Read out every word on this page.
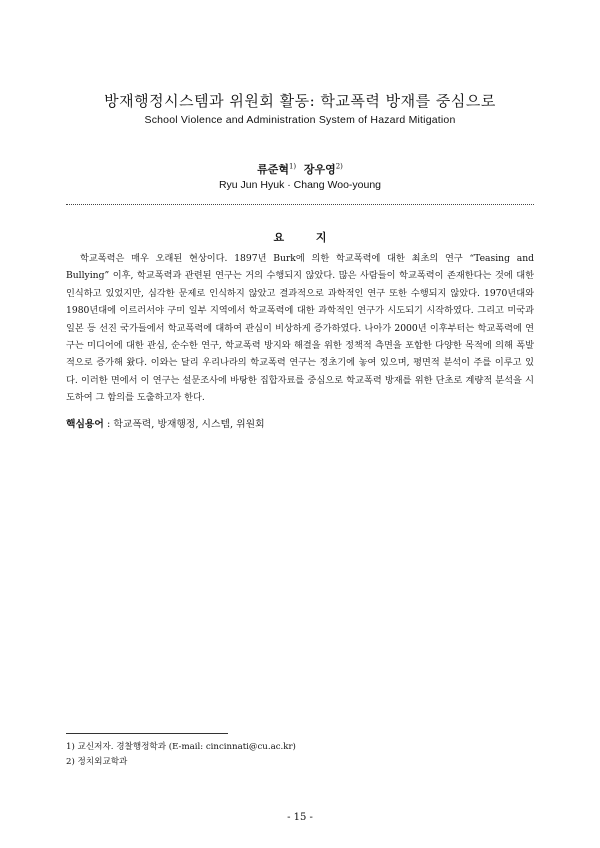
방재행정시스템과 위원회 활동: 학교폭력 방재를 중심으로
School Violence and Administration System of Hazard Mitigation
류준혁$^{1)}$ 장우영$^{2)}$
Ryu Jun Hyuk · Chang Woo-young
요 지

학교폭력은 매우 오래된 현상이다. 1897년 Burk에 의한 학교폭력에 대한 최초의 연구 “Teasing and Bullying” 이후, 학교폭력과 관련된 연구는 거의 수행되지 않았다. 많은 사람들이 학교폭력이 존재한다는 것에 대한 인식하고 있었지만, 심각한 문제로 인식하지 않았고 결과적으로 과학적인 연구 또한 수행되지 않았다. 1970년대와 1980년대에 이르러서야 구미 일부 지역에서 학교폭력에 대한 과학적인 연구가 시도되기 시작하였다. 그리고 미국과 일본 등 선진 국가들에서 학교폭력에 대하여 관심이 비상하게 증가하였다. 나아가 2000년 이후부터는 학교폭력에 연구는 미디어에 대한 관심, 순수한 연구, 학교폭력 방지와 해결을 위한 정책적 측면을 포함한 다양한 목적에 의해 폭발적으로 증가해 왔다. 이와는 달리 우리나라의 학교폭력 연구는 정초기에 놓여 있으며, 평면적 분석이 주를 이루고 있다. 이러한 면에서 이 연구는 설문조사에 바탕한 집합자료를 중심으로 학교폭력 방재를 위한 단초로 계량적 분석을 시도하여 그 함의를 도출하고자 한다.

핵심용어 : 학교폭력, 방재행정, 시스템, 위원회
1) 교신저자. 경찰행정학과 (E-mail: cincinnati@cu.ac.kr)
2) 정치외교학과
- 15 -
